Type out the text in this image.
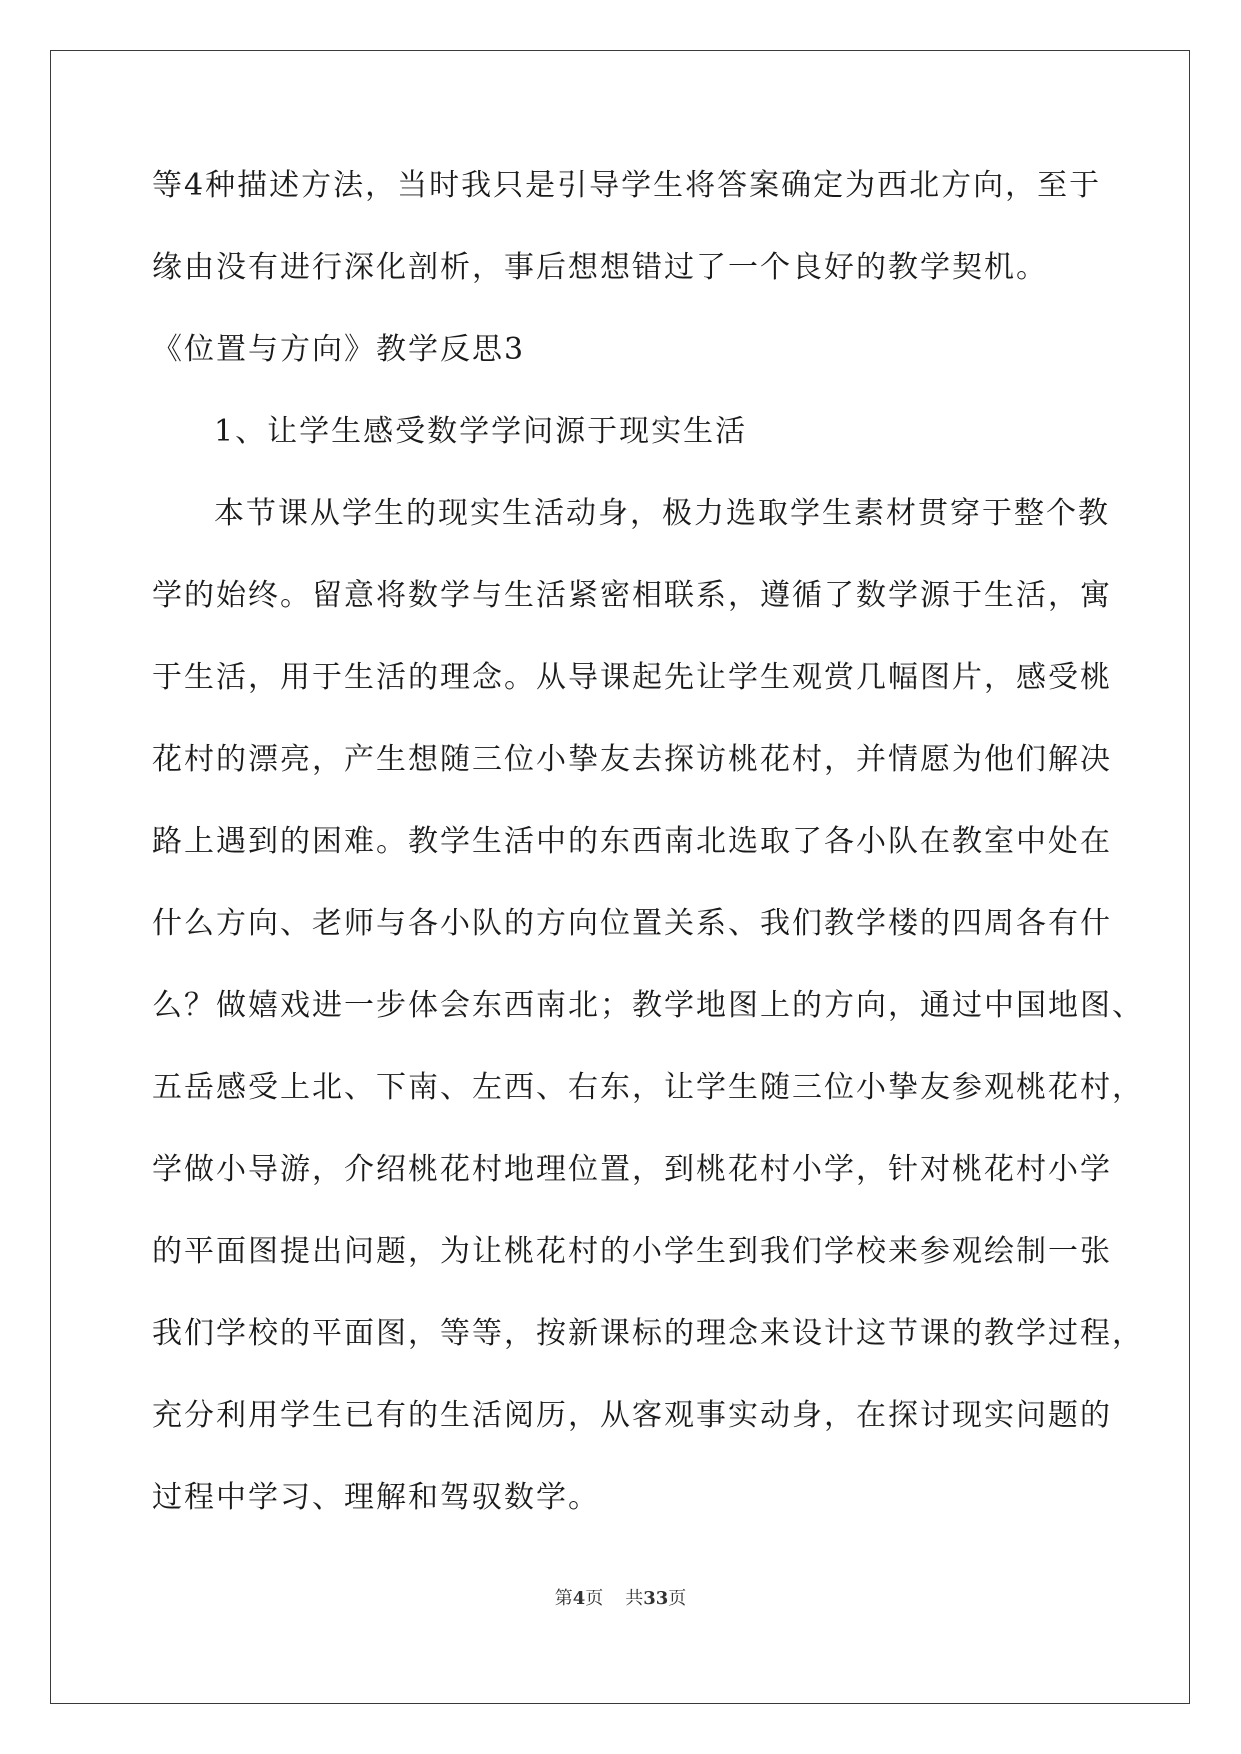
等4种描述方法，当时我只是引导学生将答案确定为西北方向，至于

缘由没有进行深化剖析，事后想想错过了一个良好的教学契机。

《位置与方向》教学反思3

1、让学生感受数学学问源于现实生活

本节课从学生的现实生活动身，极力选取学生素材贯穿于整个教

学的始终。留意将数学与生活紧密相联系，遵循了数学源于生活，寓

于生活，用于生活的理念。从导课起先让学生观赏几幅图片，感受桃

花村的漂亮，产生想随三位小挚友去探访桃花村，并情愿为他们解决

路上遇到的困难。教学生活中的东西南北选取了各小队在教室中处在

什么方向、老师与各小队的方向位置关系、我们教学楼的四周各有什

么？做嬉戏进一步体会东西南北；教学地图上的方向，通过中国地图、

五岳感受上北、下南、左西、右东，让学生随三位小挚友参观桃花村，

学做小导游，介绍桃花村地理位置，到桃花村小学，针对桃花村小学

的平面图提出问题，为让桃花村的小学生到我们学校来参观绘制一张

我们学校的平面图，等等，按新课标的理念来设计这节课的教学过程，

充分利用学生已有的生活阅历，从客观事实动身，在探讨现实问题的

过程中学习、理解和驾驭数学。

第4页 共33页
